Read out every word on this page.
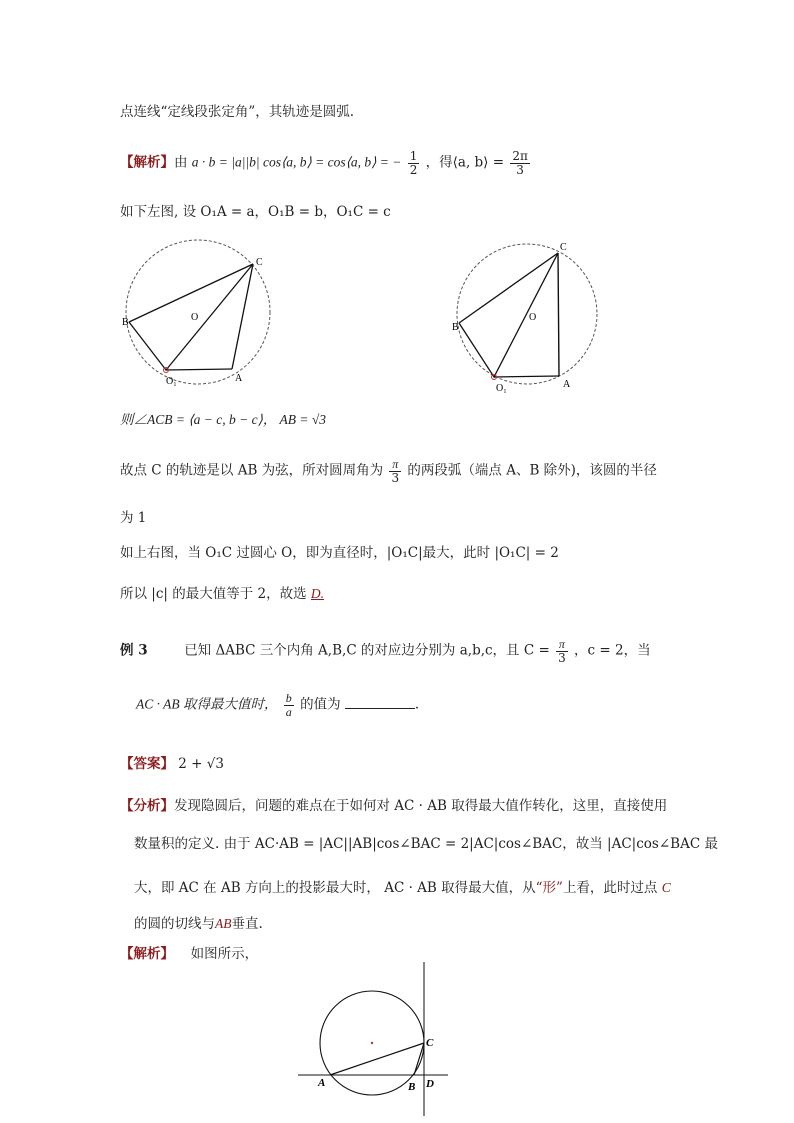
点连线“定线段张定角”，其轨迹是圆弧.
【解析】由 a · b = |a||b| cos⟨a, b⟩ = cos⟨a, b⟩ = − $\frac{1}{2}$ ，得⟨a, b⟩ = $\frac{2\pi}{3}$
如下左图, 设 O₁A = a，O₁B = b，O₁C = c
C
B	O
O₁	A
C
B
O
O₁	A
则∠ACB = ⟨a − c, b − c⟩， AB = √3
故点 C 的轨迹是以 AB 为弦，所对圆周角为 $\frac{\pi}{3}$ 的两段弧（端点 A、B 除外)，该圆的半径
为 1
如上右图，当 O₁C 过圆心 O，即为直径时，|O₁C|最大，此时 |O₁C| = 2
所以 |c| 的最大值等于 2，故选 D.
例 3	已知 ΔABC 三个内角 A,B,C 的对应边分别为 a,b,c，且 $C = \frac{\pi}{3}$ ，c = 2，当
AC · AB 取得最大值时， $\frac{b}{a}$ 的值为	.
【答案】 2 + √3
【分析】发现隐圆后，问题的难点在于如何对 AC · AB 取得最大值作转化，这里，直接使用
数量积的定义. 由于 AC·AB = |AC||AB|cos∠BAC = 2|AC|cos∠BAC，故当 |AC|cos∠BAC 最
大，即 AC 在 AB 方向上的投影最大时， AC · AB 取得最大值，从“形”上看，此时过点 C
的圆的切线与AB垂直.
【解析】 如图所示，
A	B
C
D
